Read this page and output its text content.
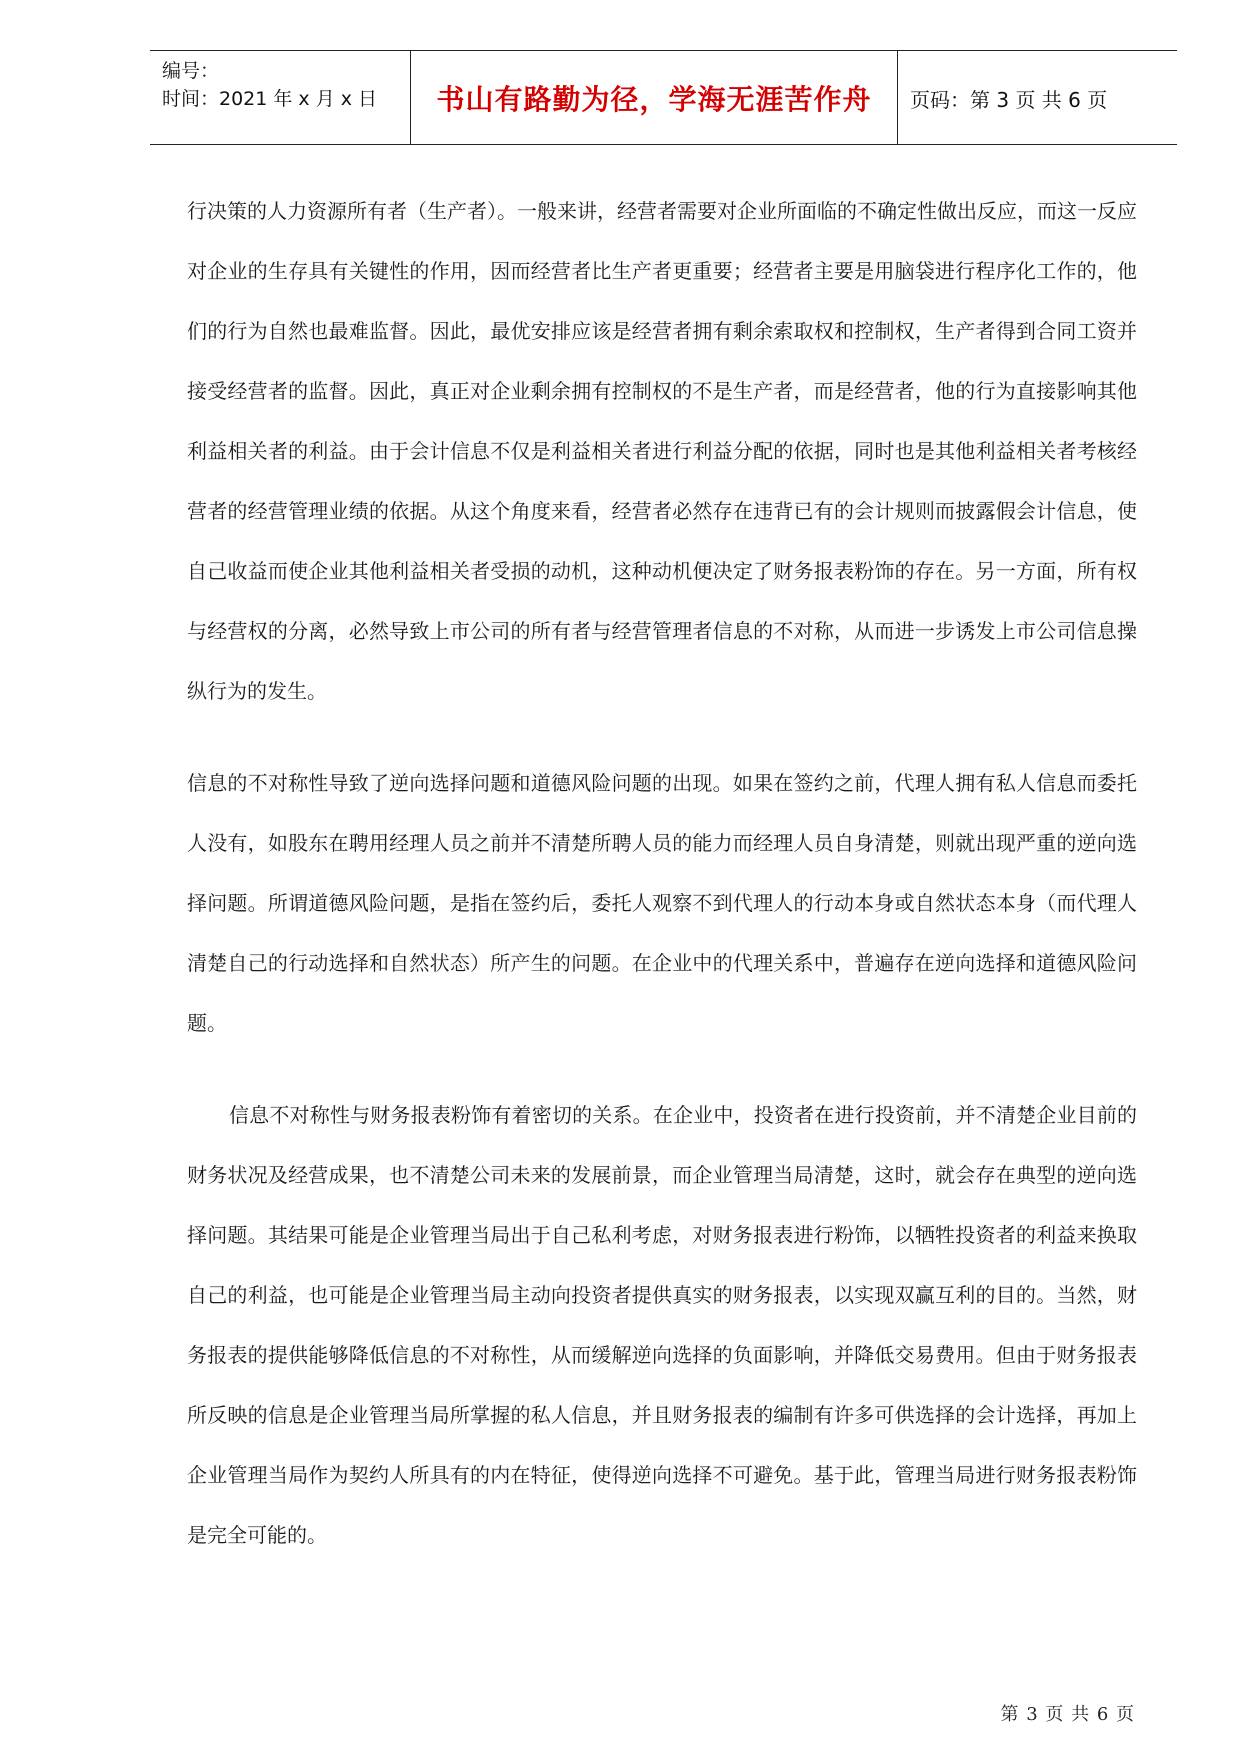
编号：
时间：2021 年 x 月 x 日	书山有路勤为径，学海无涯苦作舟	页码：第 3 页 共 6 页

行决策的人力资源所有者（生产者）。一般来讲，经营者需要对企业所面临的不确定性做出反应，而这一反应对企业的生存具有关键性的作用，因而经营者比生产者更重要；经营者主要是用脑袋进行程序化工作的，他们的行为自然也最难监督。因此，最优安排应该是经营者拥有剩余索取权和控制权，生产者得到合同工资并接受经营者的监督。因此，真正对企业剩余拥有控制权的不是生产者，而是经营者，他的行为直接影响其他利益相关者的利益。由于会计信息不仅是利益相关者进行利益分配的依据，同时也是其他利益相关者考核经营者的经营管理业绩的依据。从这个角度来看，经营者必然存在违背已有的会计规则而披露假会计信息，使自己收益而使企业其他利益相关者受损的动机，这种动机便决定了财务报表粉饰的存在。另一方面，所有权与经营权的分离，必然导致上市公司的所有者与经营管理者信息的不对称，从而进一步诱发上市公司信息操纵行为的发生。

信息的不对称性导致了逆向选择问题和道德风险问题的出现。如果在签约之前，代理人拥有私人信息而委托人没有，如股东在聘用经理人员之前并不清楚所聘人员的能力而经理人员自身清楚，则就出现严重的逆向选择问题。所谓道德风险问题，是指在签约后，委托人观察不到代理人的行动本身或自然状态本身（而代理人清楚自己的行动选择和自然状态）所产生的问题。在企业中的代理关系中，普遍存在逆向选择和道德风险问题。

信息不对称性与财务报表粉饰有着密切的关系。在企业中，投资者在进行投资前，并不清楚企业目前的财务状况及经营成果，也不清楚公司未来的发展前景，而企业管理当局清楚，这时，就会存在典型的逆向选择问题。其结果可能是企业管理当局出于自己私利考虑，对财务报表进行粉饰，以牺牲投资者的利益来换取自己的利益，也可能是企业管理当局主动向投资者提供真实的财务报表，以实现双赢互利的目的。当然，财务报表的提供能够降低信息的不对称性，从而缓解逆向选择的负面影响，并降低交易费用。但由于财务报表所反映的信息是企业管理当局所掌握的私人信息，并且财务报表的编制有许多可供选择的会计选择，再加上企业管理当局作为契约人所具有的内在特征，使得逆向选择不可避免。基于此，管理当局进行财务报表粉饰是完全可能的。

第 3 页 共 6 页
